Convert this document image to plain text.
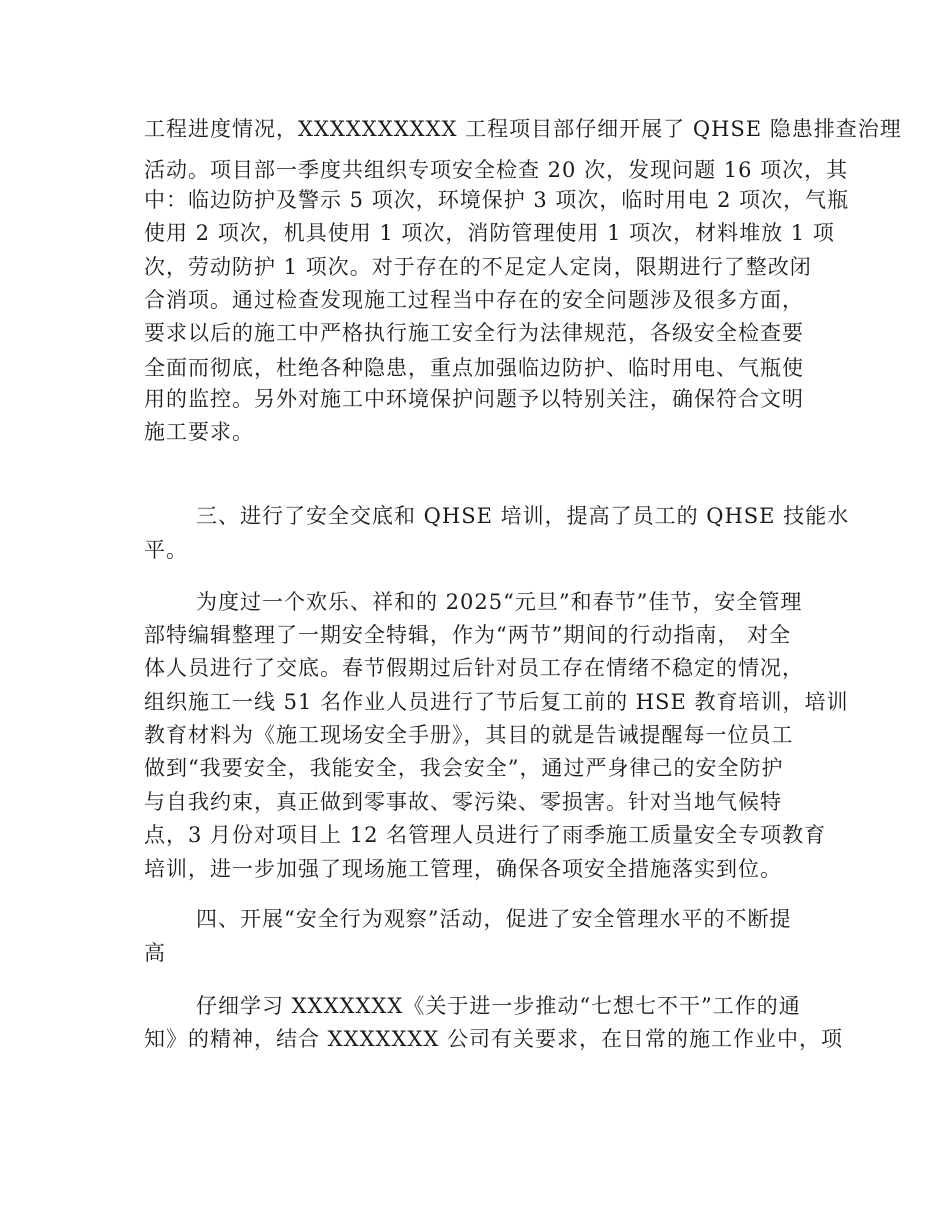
工程进度情况，XXXXXXXXXX 工程项目部仔细开展了 QHSE 隐患排查治理
活动。项目部一季度共组织专项安全检查 20 次，发现问题 16 项次，其
中：临边防护及警示 5 项次，环境保护 3 项次，临时用电 2 项次，气瓶
使用 2 项次，机具使用 1 项次，消防管理使用 1 项次，材料堆放 1 项
次，劳动防护 1 项次。对于存在的不足定人定岗，限期进行了整改闭
合消项。通过检查发现施工过程当中存在的安全问题涉及很多方面，
要求以后的施工中严格执行施工安全行为法律规范，各级安全检查要
全面而彻底，杜绝各种隐患，重点加强临边防护、临时用电、气瓶使
用的监控。另外对施工中环境保护问题予以特别关注，确保符合文明
施工要求。
三、进行了安全交底和 QHSE 培训，提高了员工的 QHSE 技能水
平。
为度过一个欢乐、祥和的 2025“元旦”和春节”佳节，安全管理
部特编辑整理了一期安全特辑，作为“两节”期间的行动指南， 对全
体人员进行了交底。春节假期过后针对员工存在情绪不稳定的情况，
组织施工一线 51 名作业人员进行了节后复工前的 HSE 教育培训，培训
教育材料为《施工现场安全手册》，其目的就是告诫提醒每一位员工
做到“我要安全，我能安全，我会安全”，通过严身律己的安全防护
与自我约束，真正做到零事故、零污染、零损害。针对当地气候特
点，3 月份对项目上 12 名管理人员进行了雨季施工质量安全专项教育
培训，进一步加强了现场施工管理，确保各项安全措施落实到位。
四、开展“安全行为观察”活动，促进了安全管理水平的不断提
高
仔细学习 XXXXXXX《关于进一步推动“七想七不干”工作的通
知》的精神，结合 XXXXXXX 公司有关要求，在日常的施工作业中，项
